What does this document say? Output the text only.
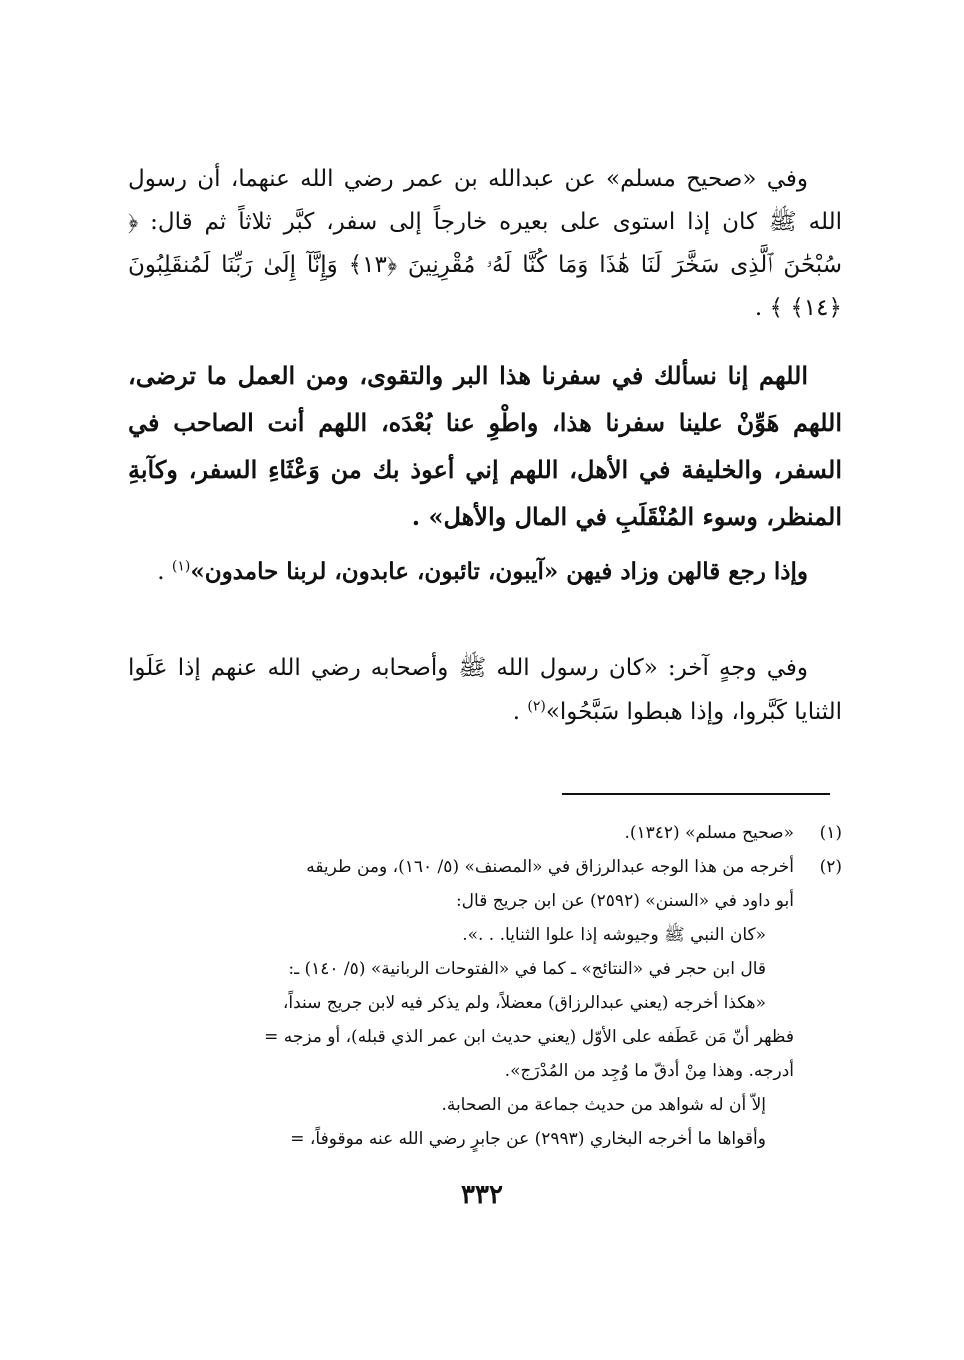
وفي «صحيح مسلم» عن عبدالله بن عمر رضي الله عنهما، أن رسول الله ﷺ كان إذا استوى على بعيره خارجاً إلى سفر، كبَّر ثلاثاً ثم قال: ﴿ سُبْحَٰنَ ٱلَّذِى سَخَّرَ لَنَا هَٰذَا وَمَا كُنَّا لَهُۥ مُقْرِنِينَ ﴿١٣﴾ وَإِنَّآ إِلَىٰ رَبِّنَا لَمُنقَلِبُونَ ﴿١٤﴾ ﴾ .
اللهم إنا نسألك في سفرنا هذا البر والتقوى، ومن العمل ما ترضى، اللهم هَوِّنْ علينا سفرنا هذا، واطْوِ عنا بُعْدَه، اللهم أنت الصاحب في السفر، والخليفة في الأهل، اللهم إني أعوذ بك من وَعْثَاءِ السفر، وكآبةِ المنظر، وسوء المُنْقَلَبِ في المال والأهل» .
وإذا رجع قالهن وزاد فيهن «آيبون، تائبون، عابدون، لربنا حامدون»$^{(١)}$ .
وفي وجهٍ آخر: «كان رسول الله ﷺ وأصحابه رضي الله عنهم إذا عَلَوا الثنايا كَبَّروا، وإذا هبطوا سَبَّحُوا»$^{(٢)}$ .
(١)
«صحيح مسلم» (١٣٤٢).
(٢)
أخرجه من هذا الوجه عبدالرزاق في «المصنف» (٥/ ١٦٠)، ومن طريقه
أبو داود في «السنن» (٢٥٩٢) عن ابن جريج قال:
«كان النبي ﷺ وجيوشه إذا علوا الثنايا. . .».
قال ابن حجر في «النتائج» ـ كما في «الفتوحات الربانية» (٥/ ١٤٠) ـ:
«هكذا أخرجه (يعني عبدالرزاق) معضلاً، ولم يذكر فيه لابن جريج سنداً،
فظهر أنّ مَن عَطَفه على الأوّل (يعني حديث ابن عمر الذي قبله)، أو مزجه =
أدرجه. وهذا مِنْ أدقّ ما وُجِد من المُدْرَج».
إلاّ أن له شواهد من حديث جماعة من الصحابة.
وأقواها ما أخرجه البخاري (٢٩٩٣) عن جابرٍ رضي الله عنه موقوفاً، =
٣٣٢
